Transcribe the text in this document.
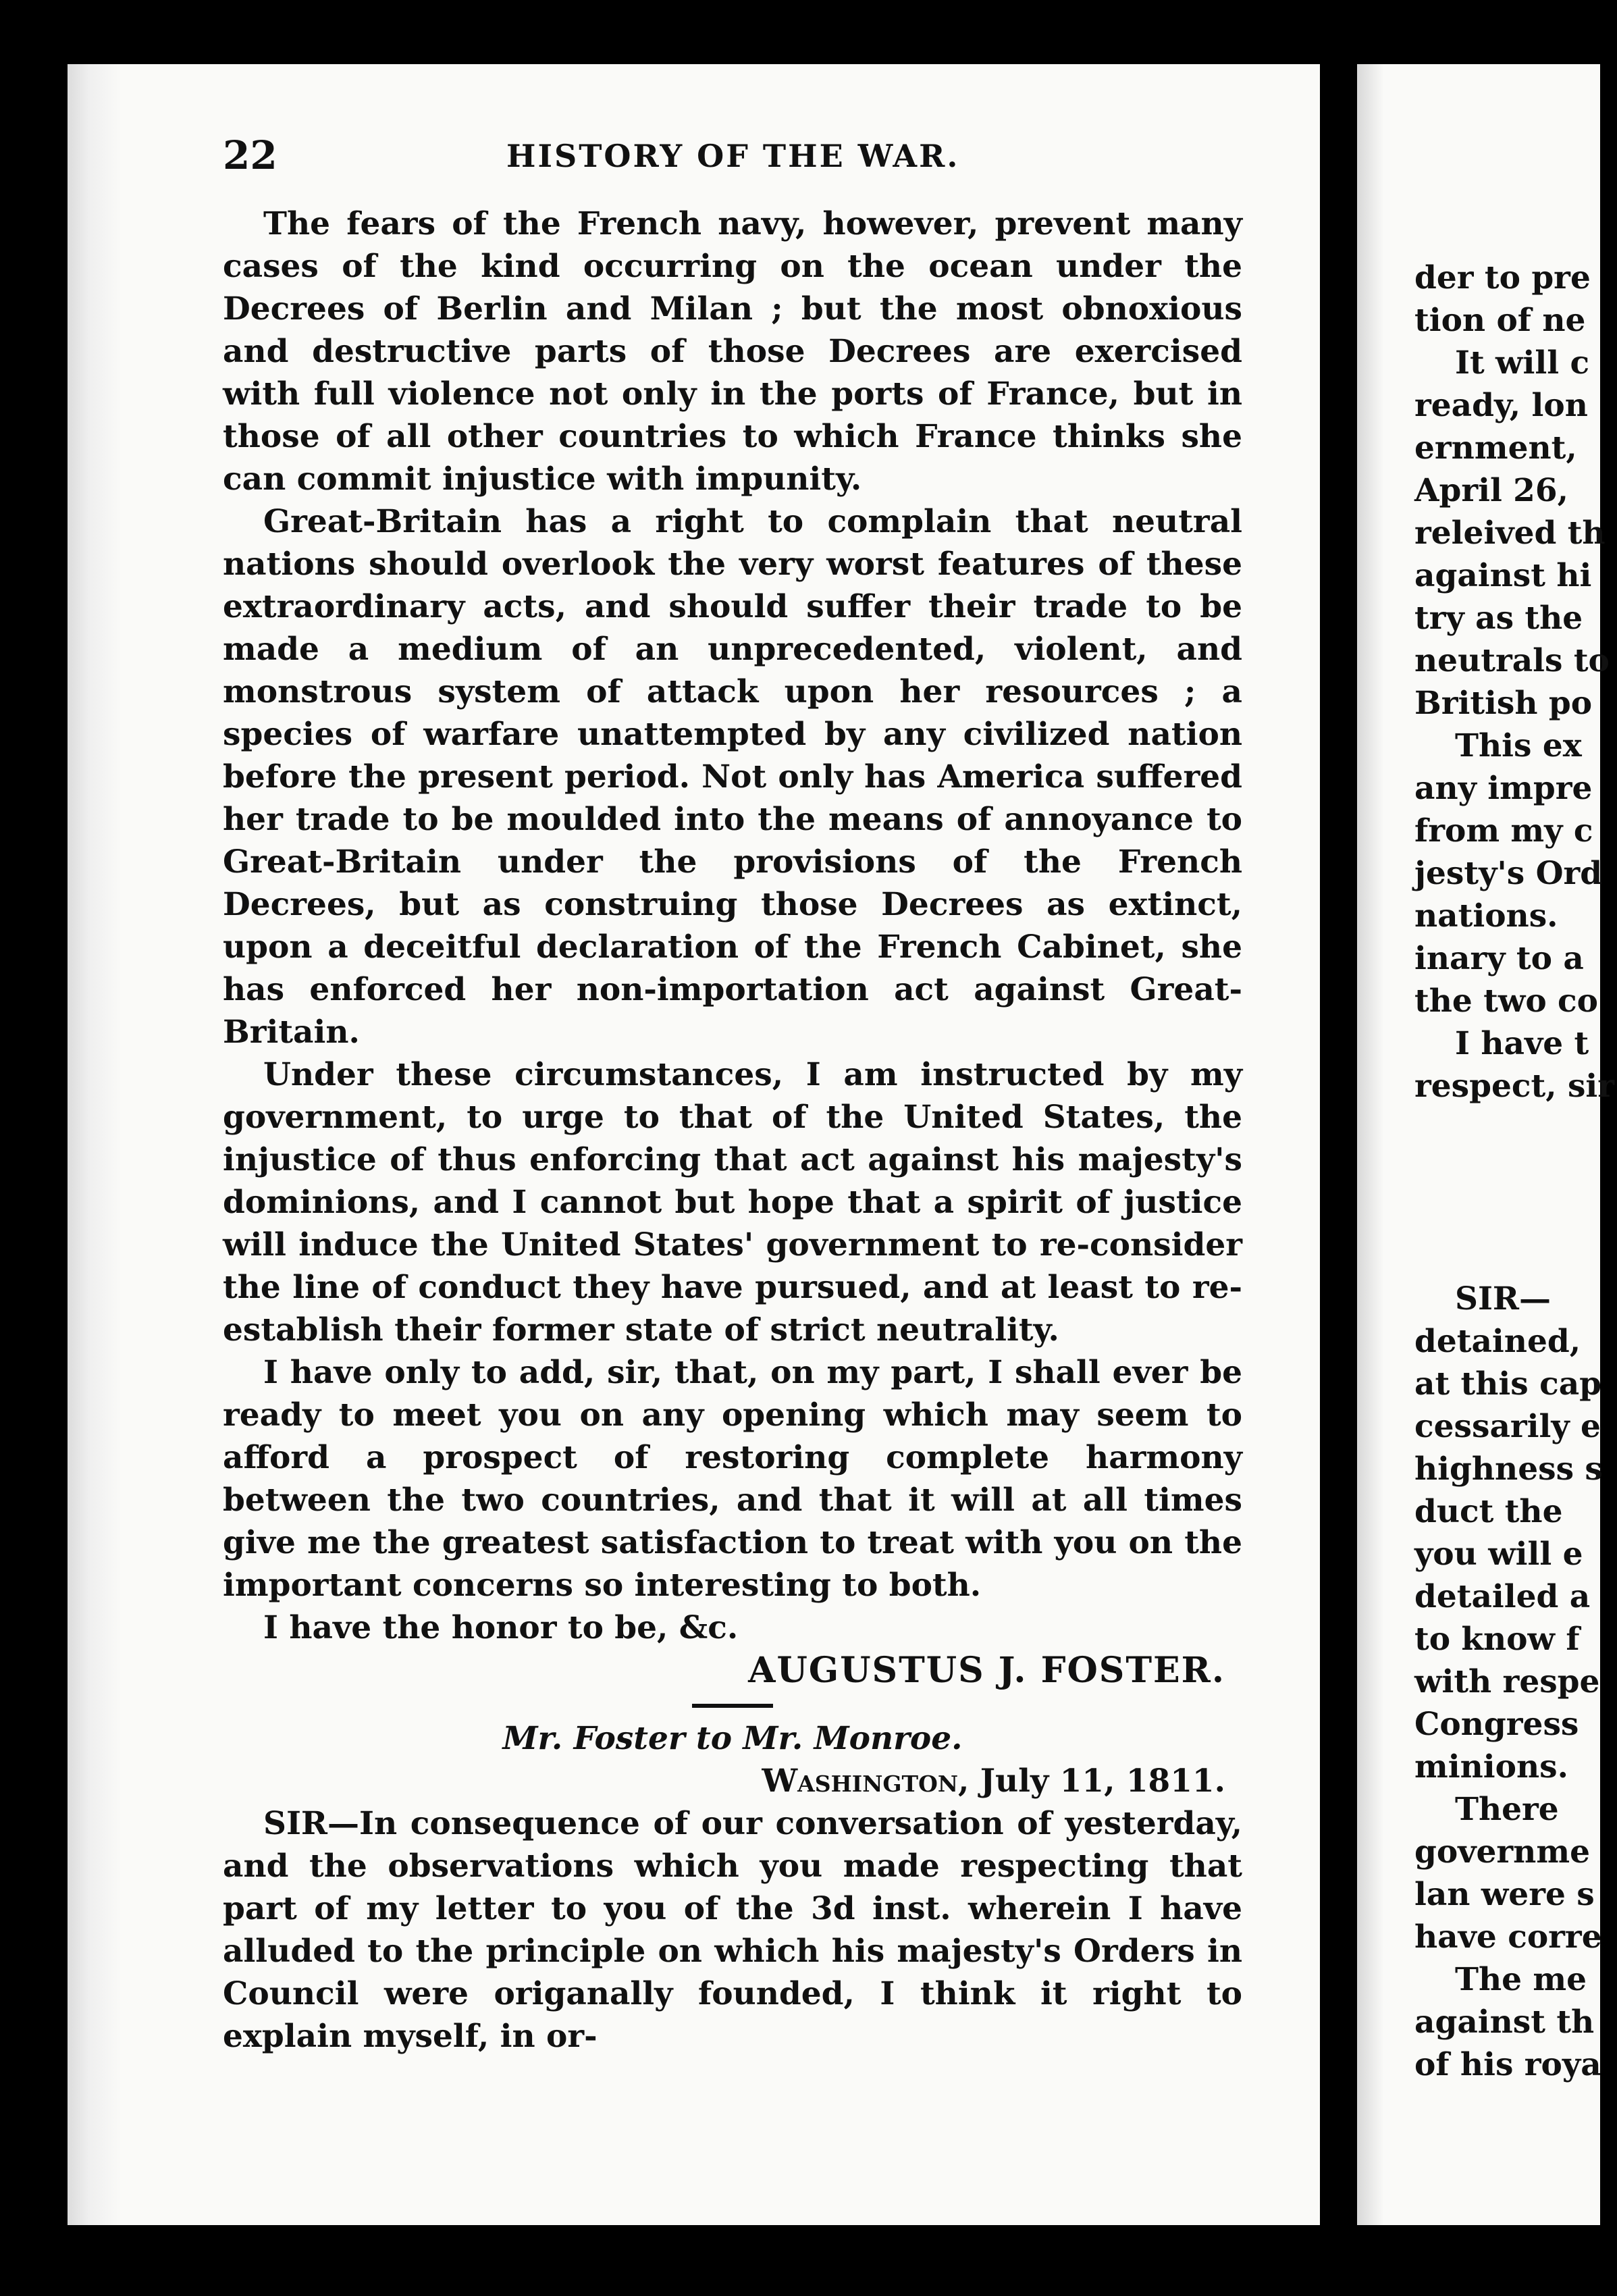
22	HISTORY OF THE WAR.

The fears of the French navy, however, prevent many cases of the kind occurring on the ocean under the Decrees of Berlin and Milan ; but the most obnoxious and destructive parts of those Decrees are exercised with full violence not only in the ports of France, but in those of all other countries to which France thinks she can commit injustice with impunity.

Great-Britain has a right to complain that neutral nations should overlook the very worst features of these extraordinary acts, and should suffer their trade to be made a medium of an unprecedented, violent, and monstrous system of attack upon her resources ; a species of warfare unattempted by any civilized nation before the present period. Not only has America suffered her trade to be moulded into the means of annoyance to Great-Britain under the provisions of the French Decrees, but as construing those Decrees as extinct, upon a deceitful declaration of the French Cabinet, she has enforced her non-importation act against Great-Britain.

Under these circumstances, I am instructed by my government, to urge to that of the United States, the injustice of thus enforcing that act against his majesty's dominions, and I cannot but hope that a spirit of justice will induce the United States' government to re-consider the line of conduct they have pursued, and at least to re-establish their former state of strict neutrality.

I have only to add, sir, that, on my part, I shall ever be ready to meet you on any opening which may seem to afford a prospect of restoring complete harmony between the two countries, and that it will at all times give me the greatest satisfaction to treat with you on the important concerns so interesting to both.

I have the honor to be, &c.

AUGUSTUS J. FOSTER.

Mr. Foster to Mr. Monroe.

Washington, July 11, 1811.

SIR—In consequence of our conversation of yesterday, and the observations which you made respecting that part of my letter to you of the 3d inst. wherein I have alluded to the principle on which his majesty's Orders in Council were origanally founded, I think it right to explain myself, in or-

der to pre
tion of ne
It will c
ready, lon
ernment,
April 26,
releived th
against hi
try as the
neutrals to
British po
This ex
any impre
from my c
jesty's Ord
nations.
inary to a
the two co
I have t
respect, sir
SIR—
detained,
at this cap
cessarily e
highness s
duct the
you will e
detailed a
to know f
with respe
Congress
minions.
There
governme
lan were s
have corre
The me
against th
of his roya
